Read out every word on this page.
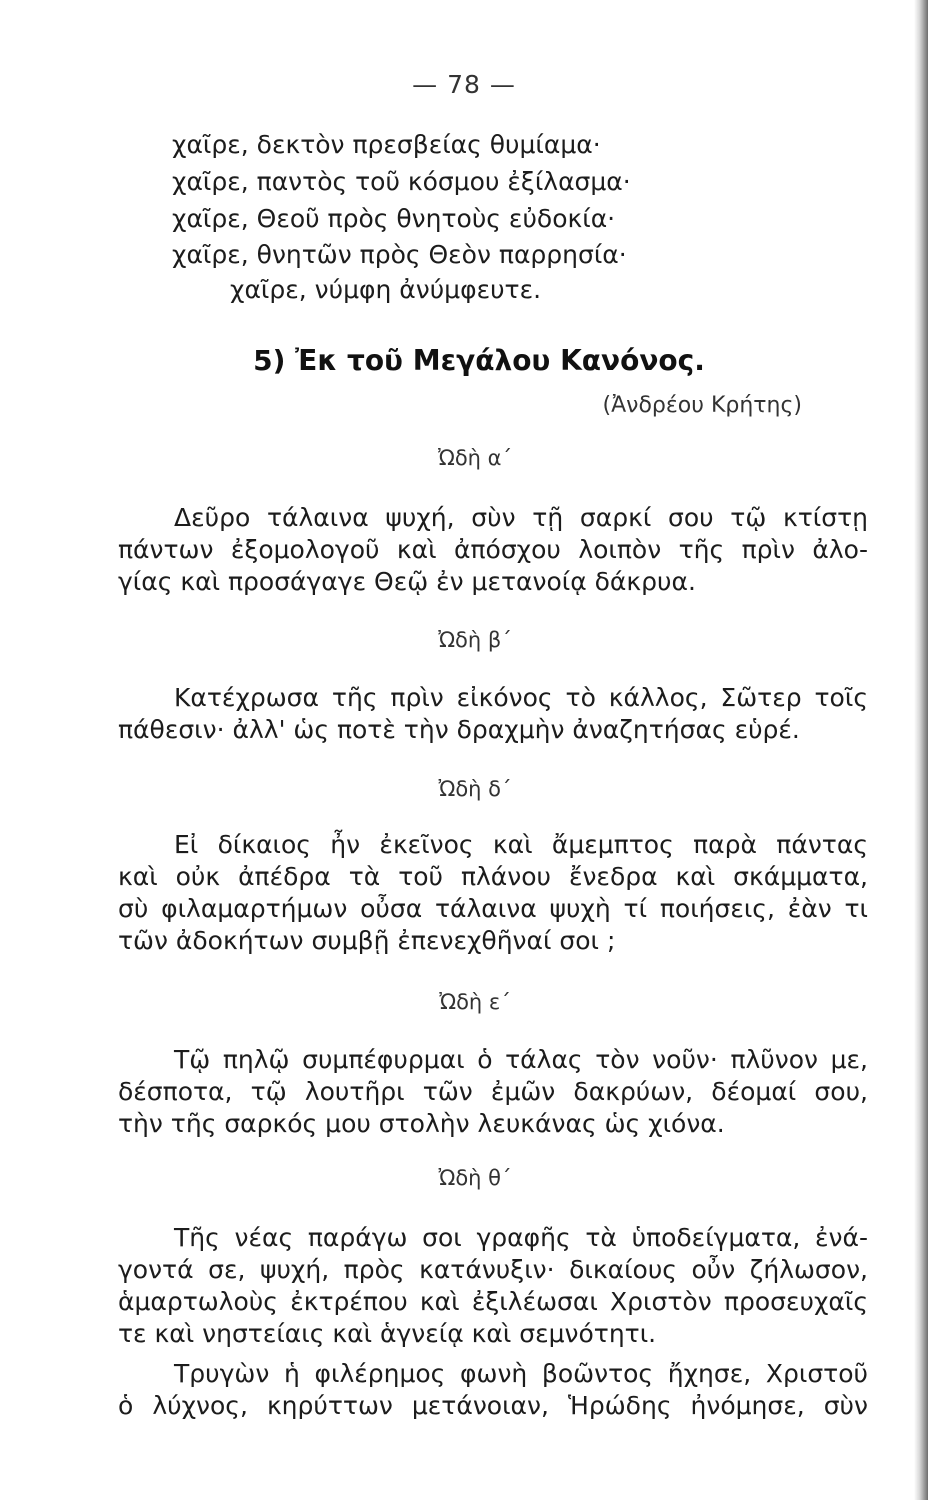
— 78 —
χαῖρε, δεκτὸν πρεσβείας θυμίαμα·
χαῖρε, παντὸς τοῦ κόσμου ἐξίλασμα·
χαῖρε, Θεοῦ πρὸς θνητοὺς εὐδοκία·
χαῖρε, θνητῶν πρὸς Θεὸν παρρησία·
χαῖρε, νύμφη ἀνύμφευτε.
5) Ἐκ τοῦ Μεγάλου Κανόνος.
(Ἀνδρέου Κρήτης)
Ὠδὴ α΄
Δεῦρο τάλαινα ψυχή, σὺν τῇ σαρκί σου τῷ κτίστῃ
πάντων ἐξομολογοῦ καὶ ἀπόσχου λοιπὸν τῆς πρὶν ἀλο-
γίας καὶ προσάγαγε Θεῷ ἐν μετανοίᾳ δάκρυα.
Ὠδὴ β΄
Κατέχρωσα τῆς πρὶν εἰκόνος τὸ κάλλος, Σῶτερ τοῖς
πάθεσιν· ἀλλ' ὡς ποτὲ τὴν δραχμὴν ἀναζητήσας εὑρέ.
Ὠδὴ δ΄
Εἰ δίκαιος ἦν ἐκεῖνος καὶ ἄμεμπτος παρὰ πάντας
καὶ οὐκ ἀπέδρα τὰ τοῦ πλάνου ἔνεδρα καὶ σκάμματα,
σὺ φιλαμαρτήμων οὖσα τάλαινα ψυχὴ τί ποιήσεις, ἐὰν τι
τῶν ἀδοκήτων συμβῇ ἐπενεχθῆναί σοι ;
Ὠδὴ ε΄
Τῷ πηλῷ συμπέφυρμαι ὁ τάλας τὸν νοῦν· πλῦνον με,
δέσποτα, τῷ λουτῆρι τῶν ἐμῶν δακρύων, δέομαί σου,
τὴν τῆς σαρκός μου στολὴν λευκάνας ὡς χιόνα.
Ὠδὴ θ΄
Τῆς νέας παράγω σοι γραφῆς τὰ ὑποδείγματα, ἐνά-
γοντά σε, ψυχή, πρὸς κατάνυξιν· δικαίους οὖν ζήλωσον,
ἁμαρτωλοὺς ἐκτρέπου καὶ ἐξιλέωσαι Χριστὸν προσευχαῖς
τε καὶ νηστείαις καὶ ἁγνείᾳ καὶ σεμνότητι.
Τρυγὼν ἡ φιλέρημος φωνὴ βοῶντος ἤχησε, Χριστοῦ
ὁ λύχνος, κηρύττων μετάνοιαν, Ἡρώδης ἠνόμησε, σὺν
